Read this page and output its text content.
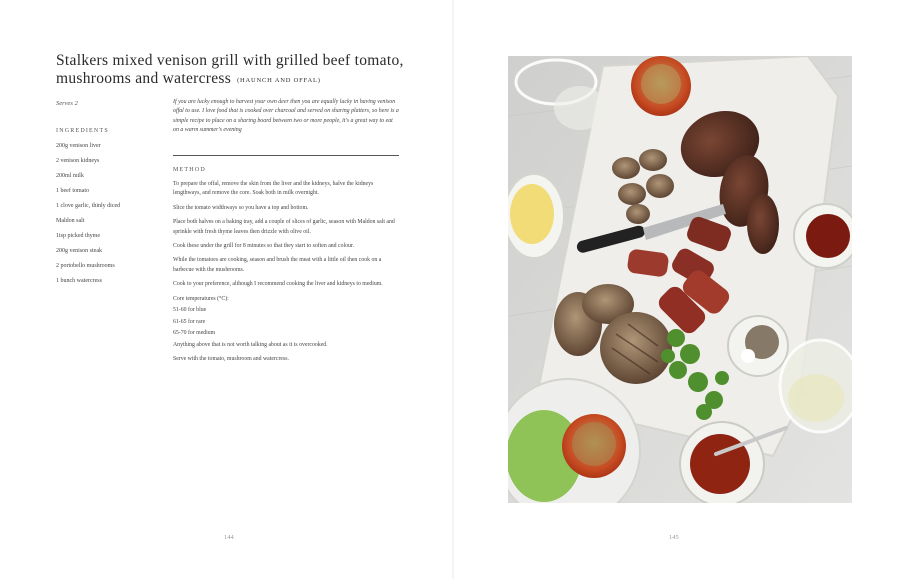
Stalkers mixed venison grill with grilled beef tomato, mushrooms and watercress (HAUNCH AND OFFAL)
Serves 2
INGREDIENTS
200g venison liver
2 venison kidneys
200ml milk
1 beef tomato
1 clove garlic, thinly diced
Maldon salt
1tsp picked thyme
200g venison steak
2 portobello mushrooms
1 bunch watercress

If you are lucky enough to harvest your own deer then you are equally lucky in having venison offal to use. I love food that is cooked over charcoal and served on sharing platters, so here is a simple recipe to place on a sharing board between two or more people, it's a great way to eat on a warm summer's evening

METHOD

To prepare the offal, remove the skin from the liver and the kidneys, halve the kidneys lengthways, and remove the core. Soak both in milk overnight.

Slice the tomato widthways so you have a top and bottom.

Place both halves on a baking tray, add a couple of slices of garlic, season with Maldon salt and sprinkle with fresh thyme leaves then drizzle with olive oil.

Cook these under the grill for 8 minutes so that they start to soften and colour.

While the tomatoes are cooking, season and brush the meat with a little oil then cook on a barbecue with the mushrooms.

Cook to your preference, although I recommend cooking the liver and kidneys to medium.

Core temperatures (°C):
51-60 for blue
61-65 for rare
65-70 for medium

Anything above that is not worth talking about as it is overcooked.

Serve with the tomato, mushroom and watercress.

144	145
